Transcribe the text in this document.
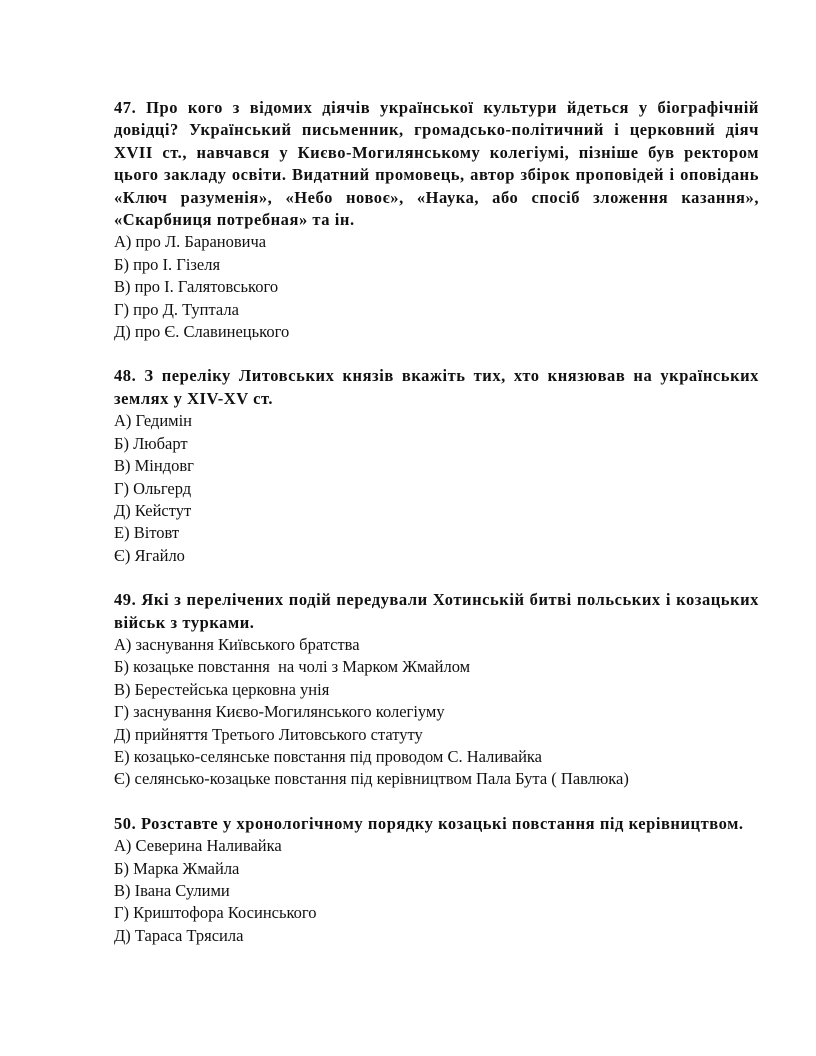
47. Про кого з відомих діячів української культури йдеться у біографічній довідці? Український письменник, громадсько-політичний і церковний діяч XVII ст., навчався у Києво-Могилянському колегіумі, пізніше був ректором цього закладу освіти. Видатний промовець, автор збірок проповідей і оповідань «Ключ разуменія», «Небо новоє», «Наука, або спосіб зложення казання», «Скарбниця потребная» та ін.

А) про Л. Барановича
Б) про І. Гізеля
В) про І. Галятовського
Г) про Д. Туптала
Д) про Є. Славинецького

48. З переліку Литовських князів вкажіть тих, хто князював на українських землях у XIV-XV ст.

А) Гедимін
Б) Любарт
В) Міндовг
Г) Ольгерд
Д) Кейстут
Е) Вітовт
Є) Ягайло

49. Які з перелічених подій передували Хотинській битві польських і козацьких військ з турками.

А) заснування Київського братства
Б) козацьке повстання  на чолі з Марком Жмайлом
В) Берестейська церковна унія
Г) заснування Києво-Могилянського колегіуму
Д) прийняття Третього Литовського статуту
Е) козацько-селянське повстання під проводом С. Наливайка
Є) селянсько-козацьке повстання під керівництвом Пала Бута ( Павлюка)

50. Розставте у хронологічному порядку козацькі повстання під керівництвом.

А) Северина Наливайка
Б) Марка Жмайла
В) Івана Сулими
Г) Криштофора Косинського
Д) Тараса Трясила
